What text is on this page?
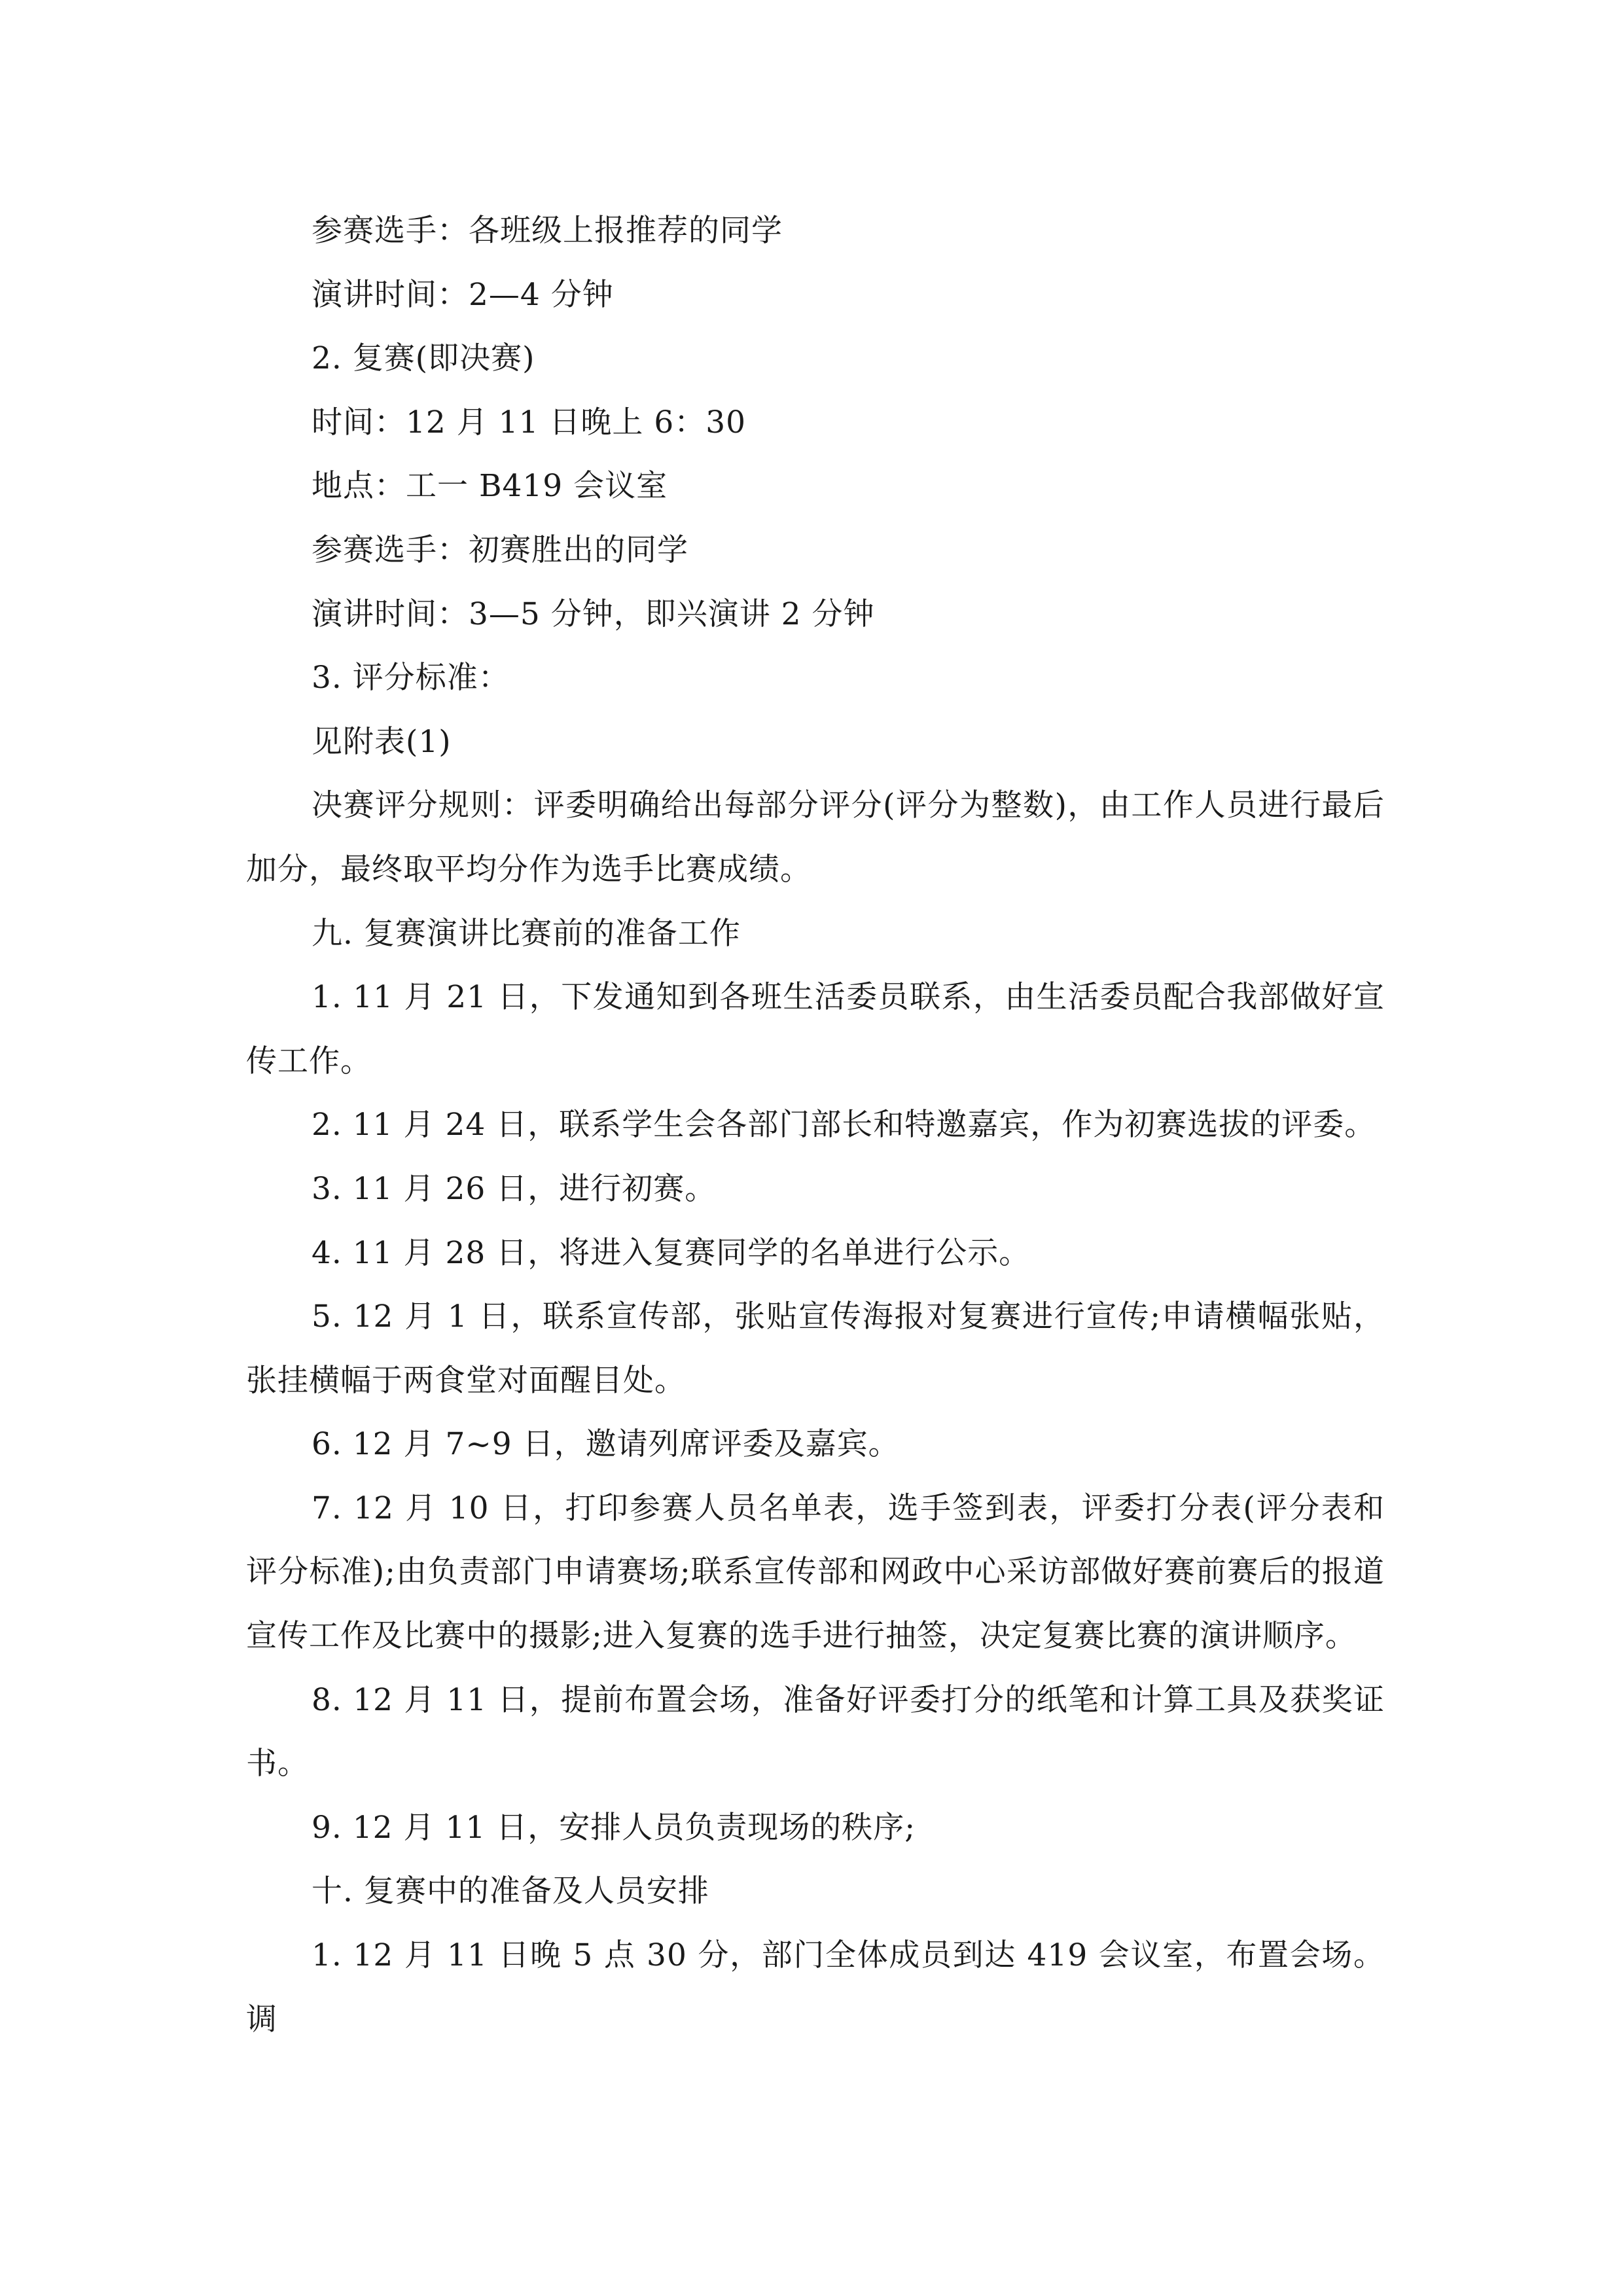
参赛选手：各班级上报推荐的同学

演讲时间：2—4 分钟

2. 复赛(即决赛)

时间：12 月 11 日晚上 6：30

地点：工一 B419 会议室

参赛选手：初赛胜出的同学

演讲时间：3—5 分钟，即兴演讲 2 分钟

3. 评分标准：

见附表(1)

决赛评分规则：评委明确给出每部分评分(评分为整数)，由工作人员进行最后加分，最终取平均分作为选手比赛成绩。

九. 复赛演讲比赛前的准备工作

1. 11 月 21 日，下发通知到各班生活委员联系，由生活委员配合我部做好宣传工作。

2. 11 月 24 日，联系学生会各部门部长和特邀嘉宾，作为初赛选拔的评委。

3. 11 月 26 日，进行初赛。

4. 11 月 28 日，将进入复赛同学的名单进行公示。

5. 12 月 1 日，联系宣传部，张贴宣传海报对复赛进行宣传;申请横幅张贴，张挂横幅于两食堂对面醒目处。

6. 12 月 7~9 日，邀请列席评委及嘉宾。

7. 12 月 10 日，打印参赛人员名单表，选手签到表，评委打分表(评分表和评分标准);由负责部门申请赛场;联系宣传部和网政中心采访部做好赛前赛后的报道宣传工作及比赛中的摄影;进入复赛的选手进行抽签，决定复赛比赛的演讲顺序。

8. 12 月 11 日，提前布置会场，准备好评委打分的纸笔和计算工具及获奖证书。

9. 12 月 11 日，安排人员负责现场的秩序;

十. 复赛中的准备及人员安排

1. 12 月 11 日晚 5 点 30 分，部门全体成员到达 419 会议室，布置会场。调
